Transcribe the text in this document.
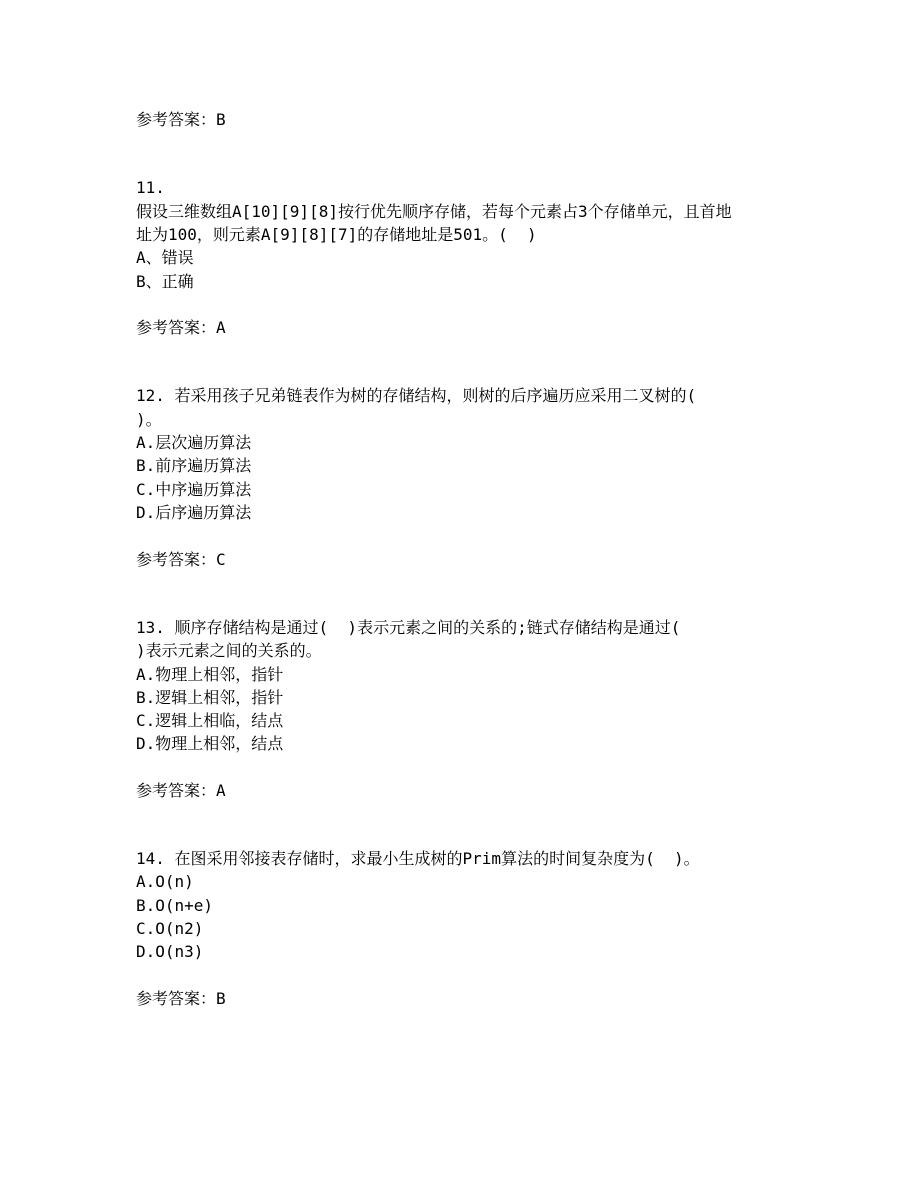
参考答案：B
11.
假设三维数组A[10][9][8]按行优先顺序存储，若每个元素占3个存储单元，且首地
址为100，则元素A[9][8][7]的存储地址是501。(  )
A、错误
B、正确
参考答案：A
12. 若采用孩子兄弟链表作为树的存储结构，则树的后序遍历应采用二叉树的(
)。
A.层次遍历算法
B.前序遍历算法
C.中序遍历算法
D.后序遍历算法
参考答案：C
13. 顺序存储结构是通过(  )表示元素之间的关系的;链式存储结构是通过(
)表示元素之间的关系的。
A.物理上相邻，指针
B.逻辑上相邻，指针
C.逻辑上相临，结点
D.物理上相邻，结点
参考答案：A
14. 在图采用邻接表存储时，求最小生成树的Prim算法的时间复杂度为(  )。
A.O(n)
B.O(n+e)
C.O(n2)
D.O(n3)
参考答案：B
